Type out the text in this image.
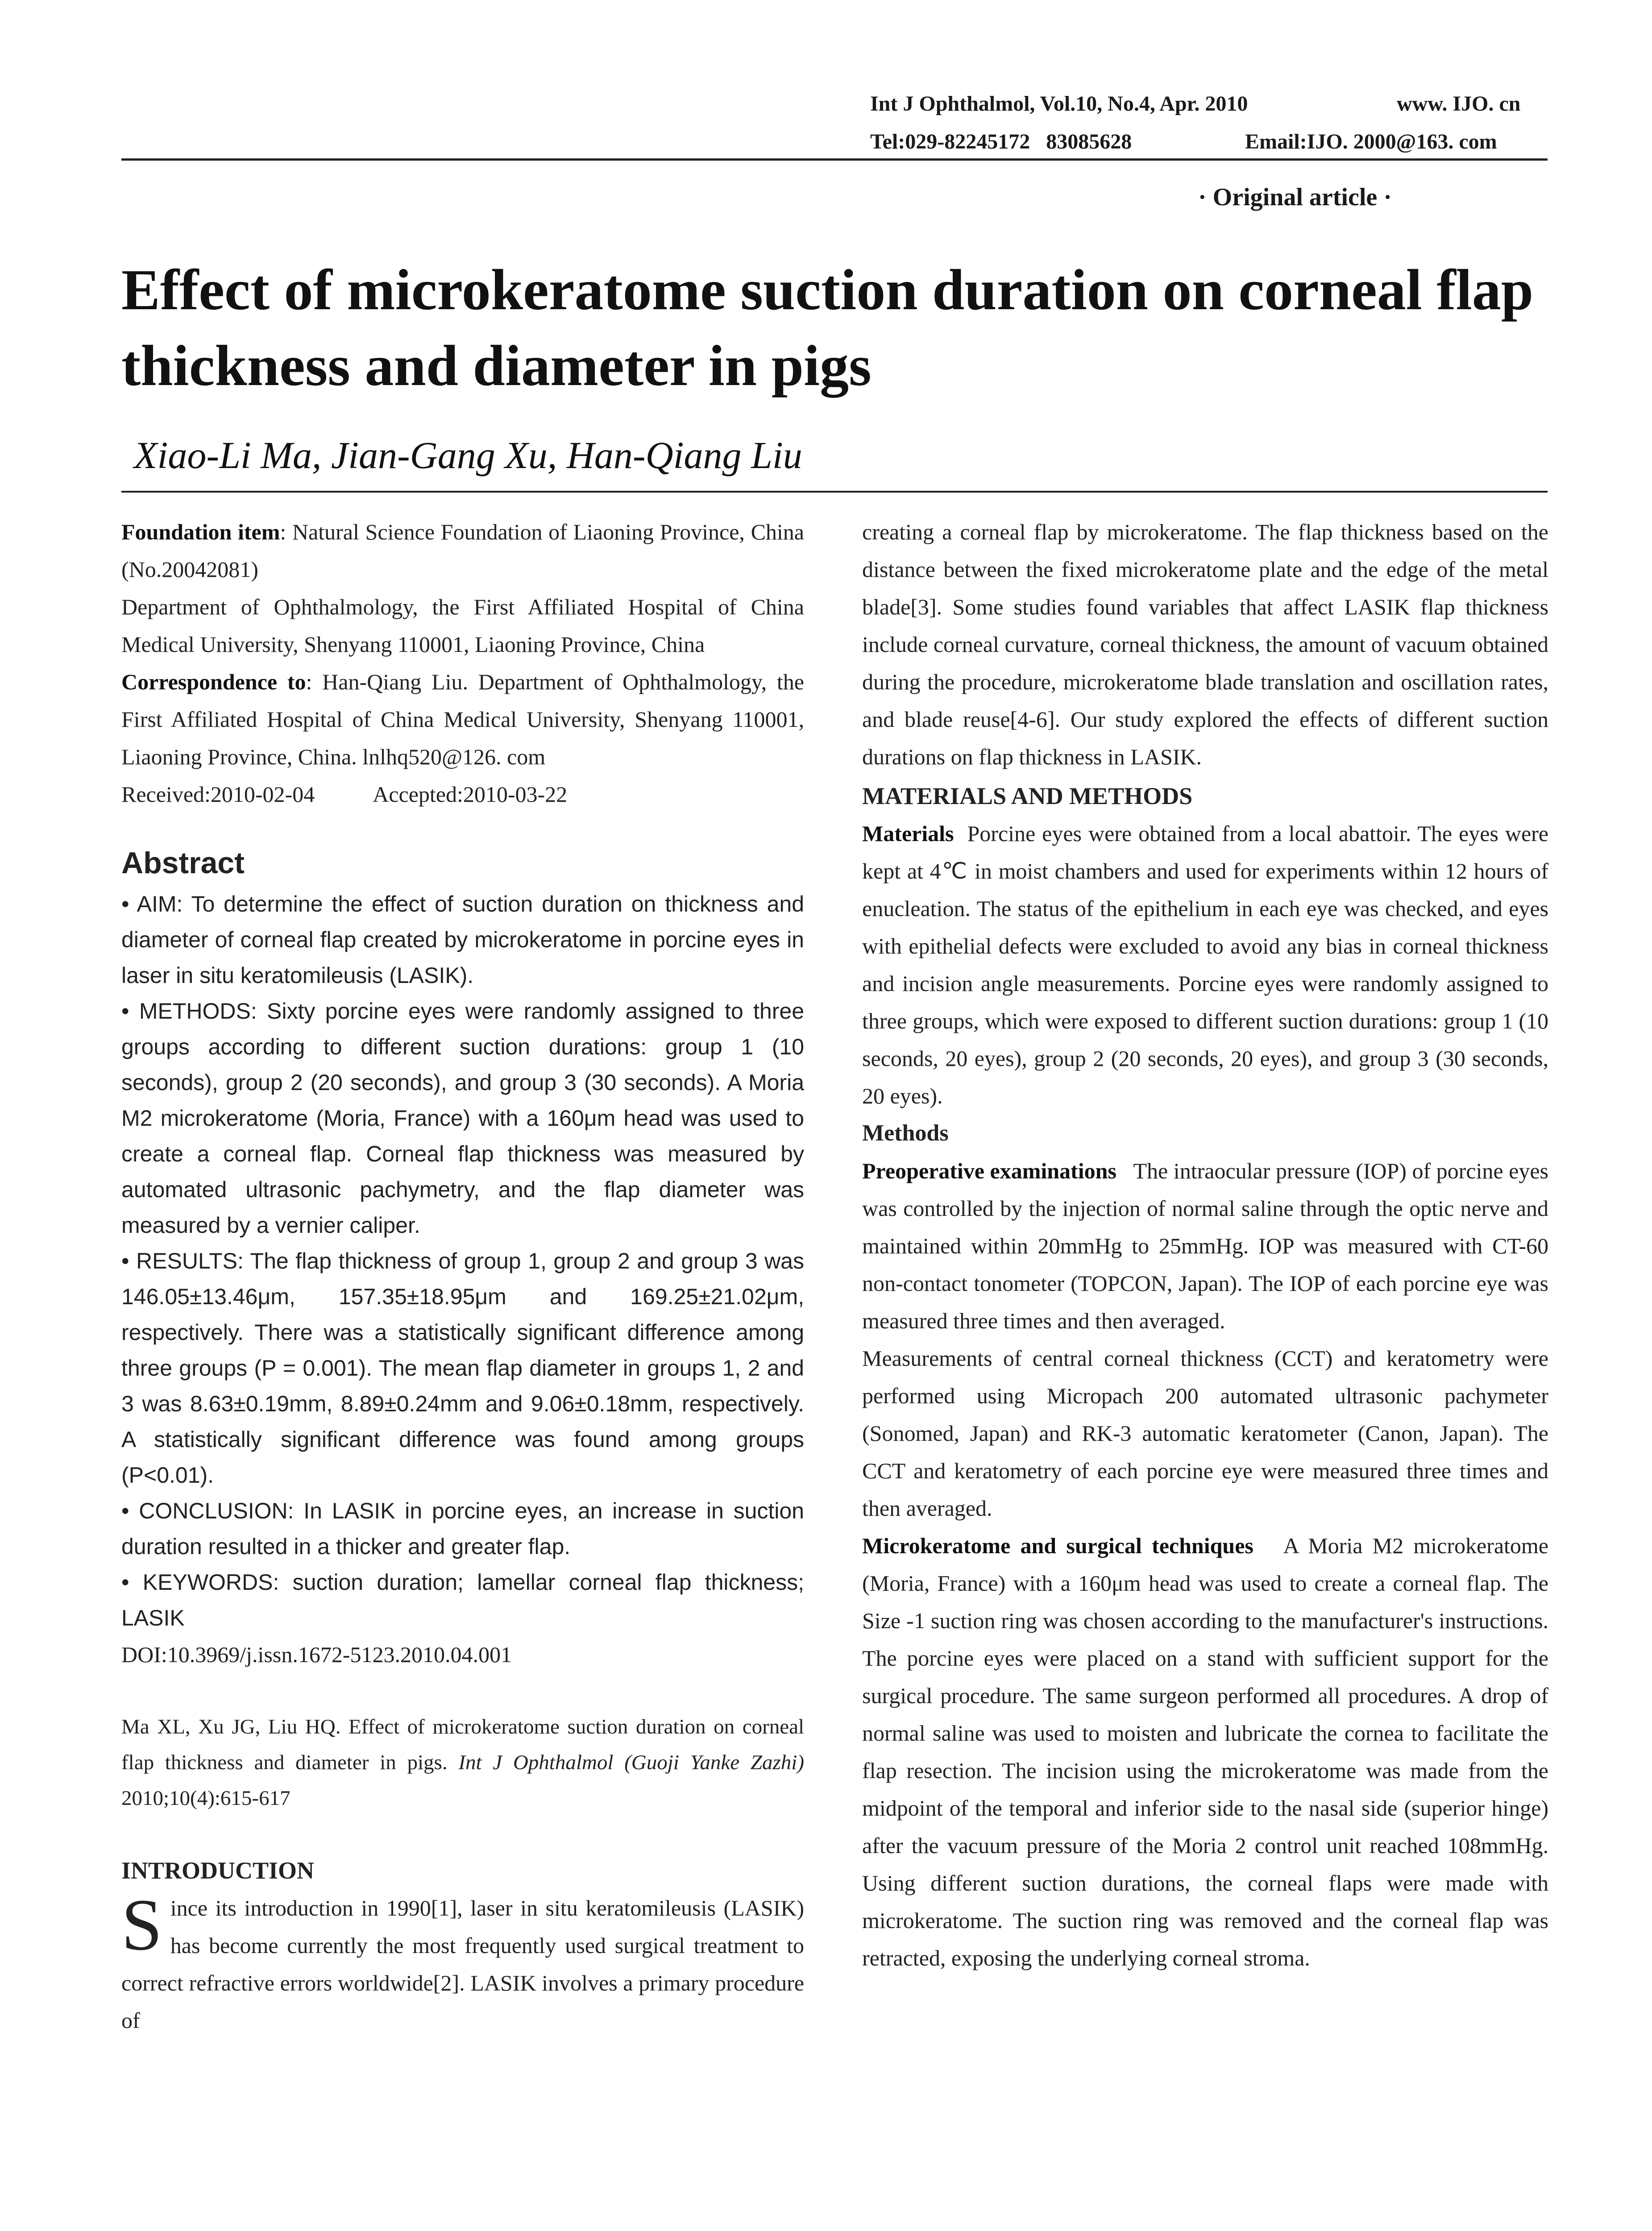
Int J Ophthalmol, Vol.10, No.4, Apr. 2010	www. IJO. cn
Tel:029-82245172   83085628	Email:IJO. 2000@163. com
· Original article ·
Effect of microkeratome suction duration on corneal flap thickness and diameter in pigs
Xiao-Li Ma, Jian-Gang Xu, Han-Qiang Liu

Foundation item: Natural Science Foundation of Liaoning Province, China (No.20042081)

Department of Ophthalmology, the First Affiliated Hospital of China Medical University, Shenyang 110001, Liaoning Province, China

Correspondence to: Han-Qiang Liu. Department of Ophthalmology, the First Affiliated Hospital of China Medical University, Shenyang 110001, Liaoning Province, China. lnlhq520@126. com

Received:2010-02-04	Accepted:2010-03-22

Abstract

• AIM: To determine the effect of suction duration on thickness and diameter of corneal flap created by microkeratome in porcine eyes in laser in situ keratomileusis (LASIK).

• METHODS: Sixty porcine eyes were randomly assigned to three groups according to different suction durations: group 1 (10 seconds), group 2 (20 seconds), and group 3 (30 seconds). A Moria M2 microkeratome (Moria, France) with a 160μm head was used to create a corneal flap. Corneal flap thickness was measured by automated ultrasonic pachymetry, and the flap diameter was measured by a vernier caliper.

• RESULTS: The flap thickness of group 1, group 2 and group 3 was 146.05±13.46μm, 157.35±18.95μm and 169.25±21.02μm, respectively. There was a statistically significant difference among three groups (P = 0.001). The mean flap diameter in groups 1, 2 and 3 was 8.63±0.19mm, 8.89±0.24mm and 9.06±0.18mm, respectively. A statistically significant difference was found among groups (P<0.01).

• CONCLUSION: In LASIK in porcine eyes, an increase in suction duration resulted in a thicker and greater flap.

• KEYWORDS: suction duration; lamellar corneal flap thickness; LASIK

DOI:10.3969/j.issn.1672-5123.2010.04.001

Ma XL, Xu JG, Liu HQ. Effect of microkeratome suction duration on corneal flap thickness and diameter in pigs. Int J Ophthalmol (Guoji Yanke Zazhi) 2010;10(4):615-617

INTRODUCTION

Since its introduction in 1990[1], laser in situ keratomileusis (LASIK) has become currently the most frequently used surgical treatment to correct refractive errors worldwide[2]. LASIK involves a primary procedure of

creating a corneal flap by microkeratome. The flap thickness based on the distance between the fixed microkeratome plate and the edge of the metal blade[3]. Some studies found variables that affect LASIK flap thickness include corneal curvature, corneal thickness, the amount of vacuum obtained during the procedure, microkeratome blade translation and oscillation rates, and blade reuse[4-6]. Our study explored the effects of different suction durations on flap thickness in LASIK.

MATERIALS AND METHODS

Materials Porcine eyes were obtained from a local abattoir. The eyes were kept at 4℃ in moist chambers and used for experiments within 12 hours of enucleation. The status of the epithelium in each eye was checked, and eyes with epithelial defects were excluded to avoid any bias in corneal thickness and incision angle measurements. Porcine eyes were randomly assigned to three groups, which were exposed to different suction durations: group 1 (10 seconds, 20 eyes), group 2 (20 seconds, 20 eyes), and group 3 (30 seconds, 20 eyes).

Methods

Preoperative examinations The intraocular pressure (IOP) of porcine eyes was controlled by the injection of normal saline through the optic nerve and maintained within 20mmHg to 25mmHg. IOP was measured with CT-60 non-contact tonometer (TOPCON, Japan). The IOP of each porcine eye was measured three times and then averaged.

Measurements of central corneal thickness (CCT) and keratometry were performed using Micropach 200 automated ultrasonic pachymeter (Sonomed, Japan) and RK-3 automatic keratometer (Canon, Japan). The CCT and keratometry of each porcine eye were measured three times and then averaged.

Microkeratome and surgical techniques A Moria M2 microkeratome (Moria, France) with a 160μm head was used to create a corneal flap. The Size -1 suction ring was chosen according to the manufacturer's instructions. The porcine eyes were placed on a stand with sufficient support for the surgical procedure. The same surgeon performed all procedures. A drop of normal saline was used to moisten and lubricate the cornea to facilitate the flap resection. The incision using the microkeratome was made from the midpoint of the temporal and inferior side to the nasal side (superior hinge) after the vacuum pressure of the Moria 2 control unit reached 108mmHg. Using different suction durations, the corneal flaps were made with microkeratome. The suction ring was removed and the corneal flap was retracted, exposing the underlying corneal stroma.
